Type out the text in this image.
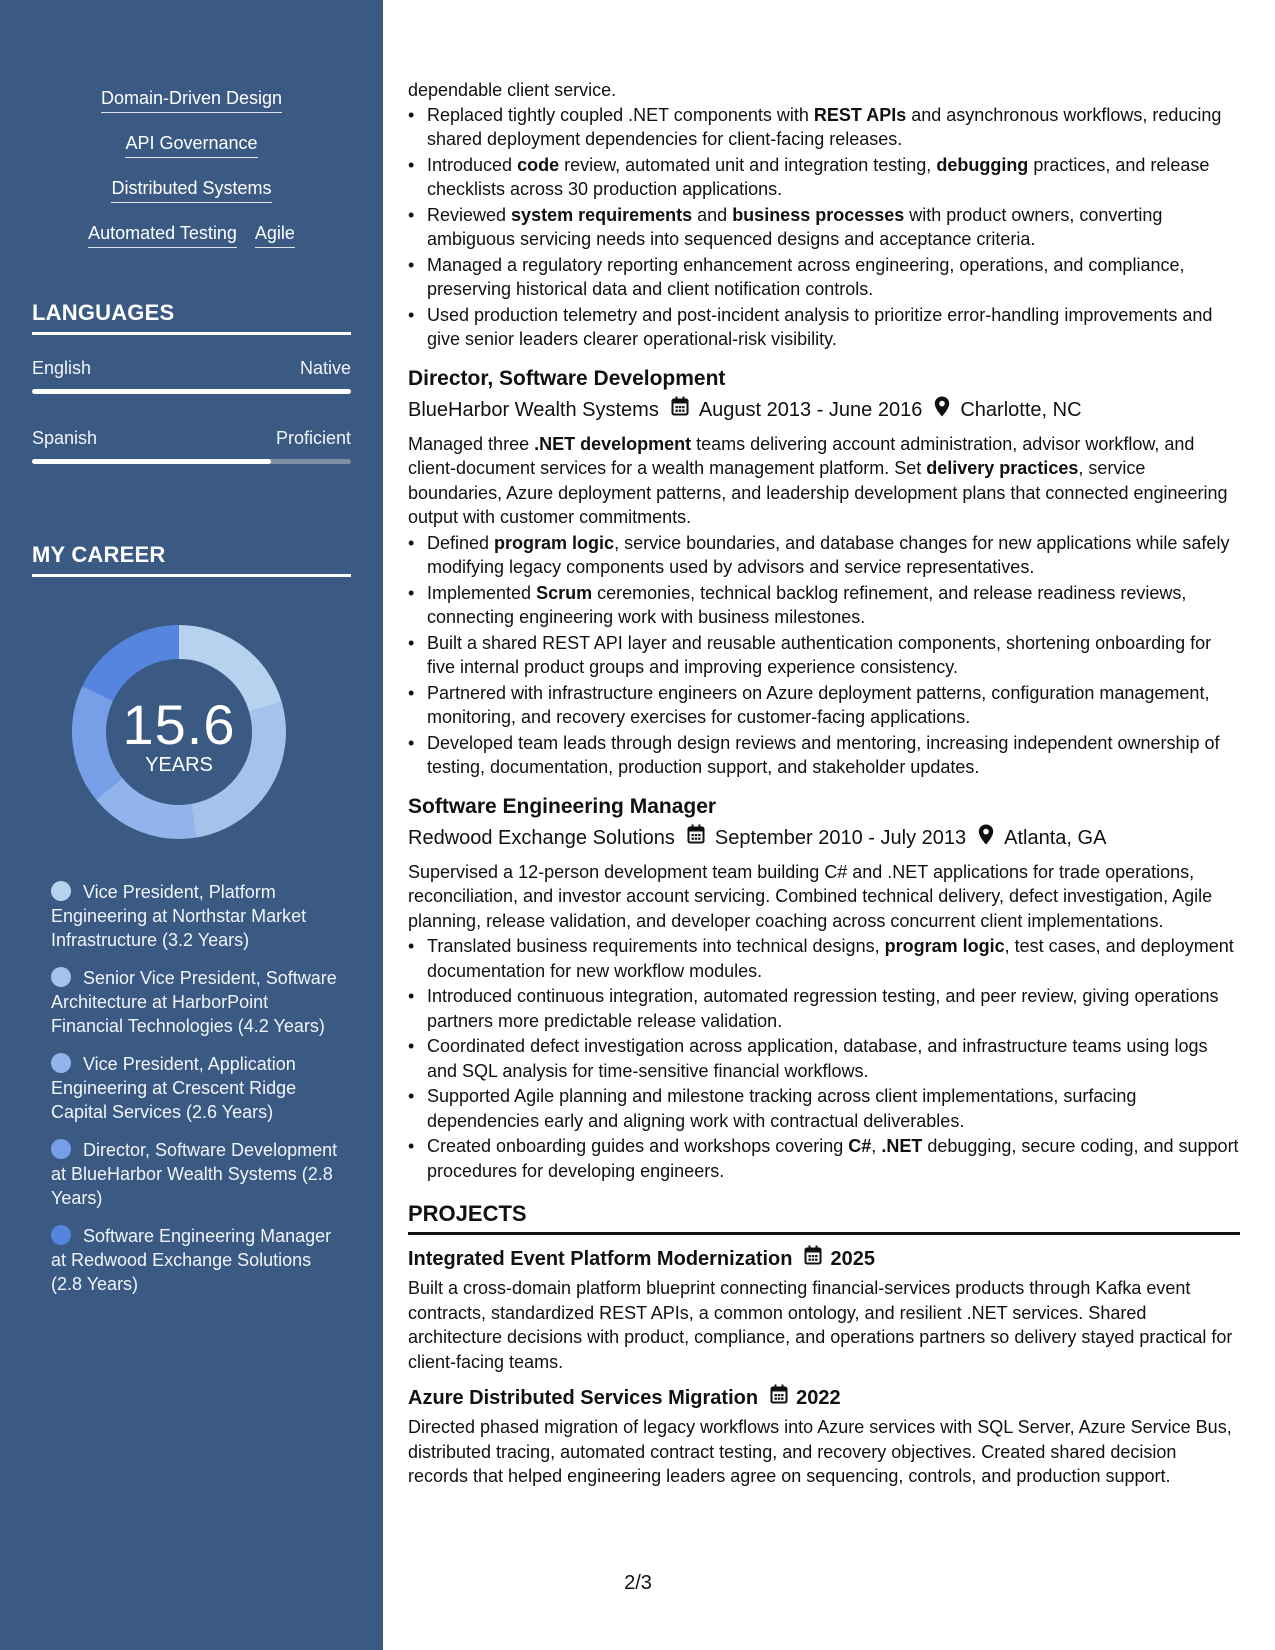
Domain-Driven Design
API Governance
Distributed Systems
Automated Testing Agile
LANGUAGES
English	Native
Spanish	Proficient
MY CAREER
15.6
YEARS
Vice President, Platform Engineering at Northstar Market Infrastructure (3.2 Years)
Senior Vice President, Software Architecture at HarborPoint Financial Technologies (4.2 Years)
Vice President, Application Engineering at Crescent Ridge Capital Services (2.6 Years)
Director, Software Development at BlueHarbor Wealth Systems (2.8 Years)
Software Engineering Manager at Redwood Exchange Solutions (2.8 Years)
dependable client service.
• Replaced tightly coupled .NET components with REST APIs and asynchronous workflows, reducing shared deployment dependencies for client-facing releases.
• Introduced code review, automated unit and integration testing, debugging practices, and release checklists across 30 production applications.
• Reviewed system requirements and business processes with product owners, converting ambiguous servicing needs into sequenced designs and acceptance criteria.
• Managed a regulatory reporting enhancement across engineering, operations, and compliance, preserving historical data and client notification controls.
• Used production telemetry and post-incident analysis to prioritize error-handling improvements and give senior leaders clearer operational-risk visibility.
Director, Software Development
BlueHarbor Wealth Systems August 2013 - June 2016 Charlotte, NC
Managed three .NET development teams delivering account administration, advisor workflow, and client-document services for a wealth management platform. Set delivery practices, service boundaries, Azure deployment patterns, and leadership development plans that connected engineering output with customer commitments.
• Defined program logic, service boundaries, and database changes for new applications while safely modifying legacy components used by advisors and service representatives.
• Implemented Scrum ceremonies, technical backlog refinement, and release readiness reviews, connecting engineering work with business milestones.
• Built a shared REST API layer and reusable authentication components, shortening onboarding for five internal product groups and improving experience consistency.
• Partnered with infrastructure engineers on Azure deployment patterns, configuration management, monitoring, and recovery exercises for customer-facing applications.
• Developed team leads through design reviews and mentoring, increasing independent ownership of testing, documentation, production support, and stakeholder updates.
Software Engineering Manager
Redwood Exchange Solutions September 2010 - July 2013 Atlanta, GA
Supervised a 12-person development team building C# and .NET applications for trade operations, reconciliation, and investor account servicing. Combined technical delivery, defect investigation, Agile planning, release validation, and developer coaching across concurrent client implementations.
• Translated business requirements into technical designs, program logic, test cases, and deployment documentation for new workflow modules.
• Introduced continuous integration, automated regression testing, and peer review, giving operations partners more predictable release validation.
• Coordinated defect investigation across application, database, and infrastructure teams using logs and SQL analysis for time-sensitive financial workflows.
• Supported Agile planning and milestone tracking across client implementations, surfacing dependencies early and aligning work with contractual deliverables.
• Created onboarding guides and workshops covering C#, .NET debugging, secure coding, and support procedures for developing engineers.
PROJECTS
Integrated Event Platform Modernization 2025
Built a cross-domain platform blueprint connecting financial-services products through Kafka event contracts, standardized REST APIs, a common ontology, and resilient .NET services. Shared architecture decisions with product, compliance, and operations partners so delivery stayed practical for client-facing teams.
Azure Distributed Services Migration 2022
Directed phased migration of legacy workflows into Azure services with SQL Server, Azure Service Bus, distributed tracing, automated contract testing, and recovery objectives. Created shared decision records that helped engineering leaders agree on sequencing, controls, and production support.
2/3
